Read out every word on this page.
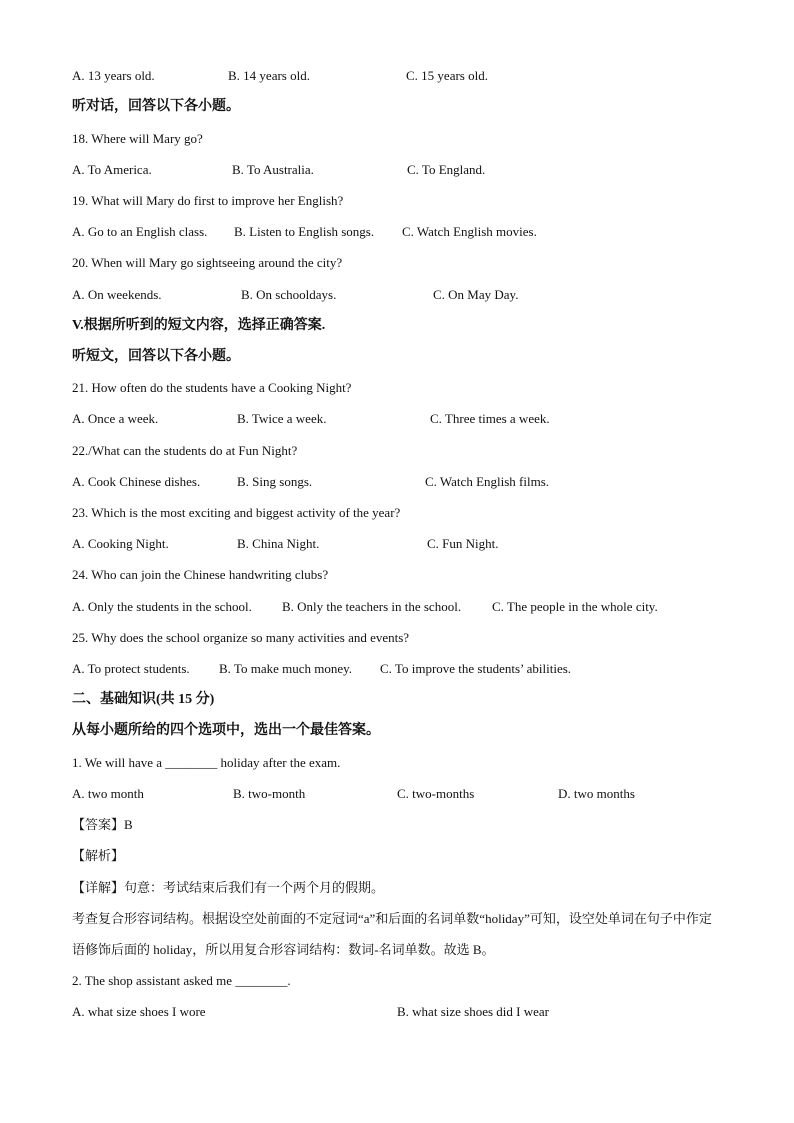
A. 13 years old.	B. 14 years old.	C. 15 years old.
听对话，回答以下各小题。
18. Where will Mary go?
A. To America.	B. To Australia.	C. To England.
19. What will Mary do first to improve her English?
A. Go to an English class. B. Listen to English songs. C. Watch English movies.
20. When will Mary go sightseeing around the city?
A. On weekends.	B. On schooldays.	C. On May Day.
V.根据所听到的短文内容，选择正确答案.
听短文，回答以下各小题。
21. How often do the students have a Cooking Night?
A. Once a week.	B. Twice a week.	C. Three times a week.
22./What can the students do at Fun Night?
A. Cook Chinese dishes.	B. Sing songs.	C. Watch English films.
23. Which is the most exciting and biggest activity of the year?
A. Cooking Night.	B. China Night.	C. Fun Night.
24. Who can join the Chinese handwriting clubs?
A. Only the students in the school. B. Only the teachers in the school. C. The people in the whole city.
25. Why does the school organize so many activities and events?
A. To protect students. B. To make much money. C. To improve the students’ abilities.
二、基础知识(共 15 分)
从每小题所给的四个选项中，选出一个最佳答案。
1. We will have a ________ holiday after the exam.
A. two month	B. two-month	C. two-months	D. two months
【答案】B
【解析】
【详解】句意：考试结束后我们有一个两个月的假期。
考查复合形容词结构。根据设空处前面的不定冠词“a”和后面的名词单数“holiday”可知，设空处单词在句子中作定语修饰后面的 holiday，所以用复合形容词结构：数词-名词单数。故选 B。
2. The shop assistant asked me ________.
A. what size shoes I wore	B. what size shoes did I wear
